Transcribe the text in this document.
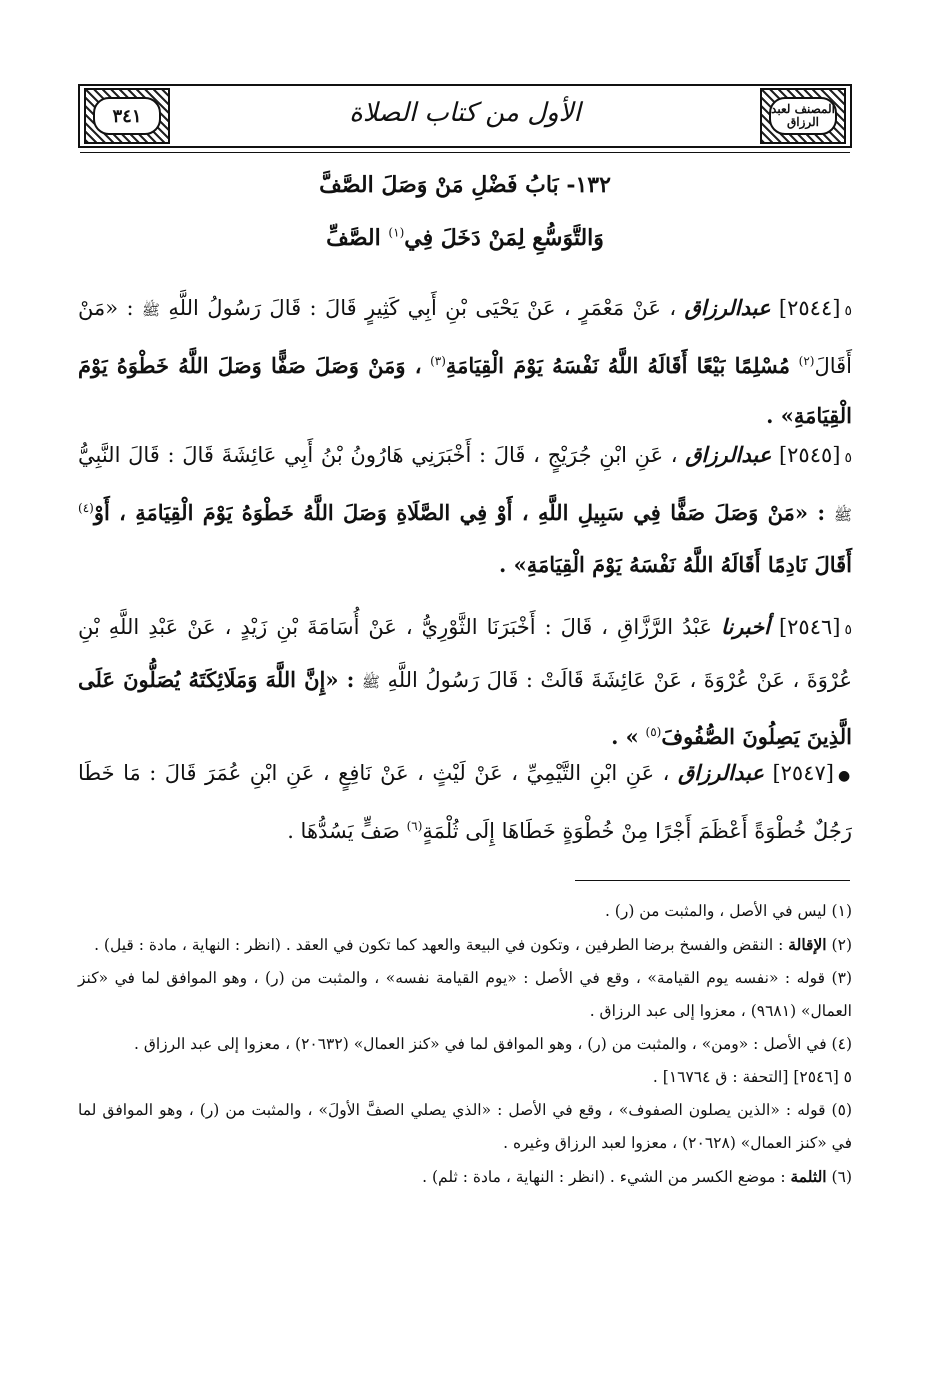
٣٤١	الأول من كتاب الصلاة	المصنف لعبد الرزاق
١٣٢- بَابُ فَضْلِ مَنْ وَصَلَ الصَّفَّ
وَالتَّوَسُّعِ لِمَنْ دَخَلَ فِي$^{(١)}$ الصَّفِّ
٥[٢٥٤٤] عبدالرزاق ، عَنْ مَعْمَرٍ ، عَنْ يَحْيَى بْنِ أَبِي كَثِيرٍ قَالَ : قَالَ رَسُولُ اللَّهِ ﷺ : «مَنْ أَقَالَ$^{(٢)}$ مُسْلِمًا بَيْعًا أَقَالَهُ اللَّهُ نَفْسَهُ يَوْمَ الْقِيَامَةِ$^{(٣)}$ ، وَمَنْ وَصَلَ صَفًّا وَصَلَ اللَّهُ خَطْوَهُ يَوْمَ الْقِيَامَةِ» .
٥[٢٥٤٥] عبدالرزاق ، عَنِ ابْنِ جُرَيْجٍ ، قَالَ : أَخْبَرَنِي هَارُونُ بْنُ أَبِي عَائِشَةَ قَالَ : قَالَ النَّبِيُّ ﷺ : «مَنْ وَصَلَ صَفًّا فِي سَبِيلِ اللَّهِ ، أَوْ فِي الصَّلَاةِ وَصَلَ اللَّهُ خَطْوَهُ يَوْمَ الْقِيَامَةِ ، أَوْ$^{(٤)}$ أَقَالَ نَادِمًا أَقَالَهُ اللَّهُ نَفْسَهُ يَوْمَ الْقِيَامَةِ» .
٥[٢٥٤٦] أخبرنا عَبْدُ الرَّزَّاقِ ، قَالَ : أَخْبَرَنَا الثَّوْرِيُّ ، عَنْ أُسَامَةَ بْنِ زَيْدٍ ، عَنْ عَبْدِ اللَّهِ بْنِ عُرْوَةَ ، عَنْ عُرْوَةَ ، عَنْ عَائِشَةَ قَالَتْ : قَالَ رَسُولُ اللَّهِ ﷺ : «إِنَّ اللَّهَ وَمَلَائِكَتَهُ يُصَلُّونَ عَلَى الَّذِينَ يَصِلُونَ الصُّفُوفَ$^{(٥)}$ » .
●[٢٥٤٧] عبدالرزاق ، عَنِ ابْنِ التَّيْمِيِّ ، عَنْ لَيْثٍ ، عَنْ نَافِعٍ ، عَنِ ابْنِ عُمَرَ قَالَ : مَا خَطَا رَجُلٌ خُطْوَةً أَعْظَمَ أَجْرًا مِنْ خُطْوَةٍ خَطَاهَا إِلَى ثُلْمَةٍ$^{(٦)}$ صَفٍّ يَسُدُّهَا .

(١) ليس في الأصل ، والمثبت من (ر) .

(٢) الإقالة : النقض والفسخ برضا الطرفين ، وتكون في البيعة والعهد كما تكون في العقد . (انظر : النهاية ، مادة : قيل) .

(٣) قوله : «نفسه يوم القيامة» ، وقع في الأصل : «يوم القيامة نفسه» ، والمثبت من (ر) ، وهو الموافق لما في «كنز العمال» (٩٦٨١) ، معزوا إلى عبد الرزاق .

(٤) في الأصل : «ومن» ، والمثبت من (ر) ، وهو الموافق لما في «كنز العمال» (٢٠٦٣٢) ، معزوا إلى عبد الرزاق .

٥ [٢٥٤٦] [التحفة : ق ١٦٧٦٤] .

(٥) قوله : «الذين يصلون الصفوف» ، وقع في الأصل : «الذي يصلي الصفَّ الأولَ» ، والمثبت من (ر) ، وهو الموافق لما في «كنز العمال» (٢٠٦٢٨) ، معزوا لعبد الرزاق وغيره .

(٦) الثلمة : موضع الكسر من الشيء . (انظر : النهاية ، مادة : ثلم) .
